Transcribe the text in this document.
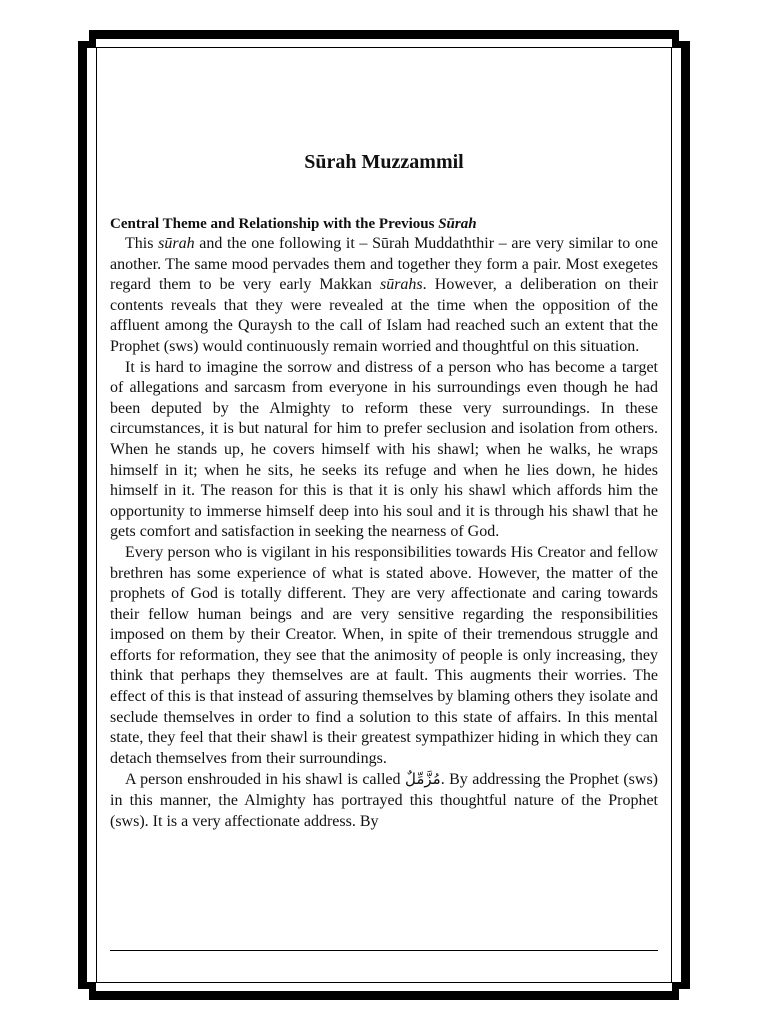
Sūrah Muzzammil

Central Theme and Relationship with the Previous Sūrah

This sūrah and the one following it – Sūrah Muddaththir – are very similar to one another. The same mood pervades them and together they form a pair. Most exegetes regard them to be very early Makkan sūrahs. However, a deliberation on their contents reveals that they were revealed at the time when the opposition of the affluent among the Quraysh to the call of Islam had reached such an extent that the Prophet (sws) would continuously remain worried and thoughtful on this situation.

It is hard to imagine the sorrow and distress of a person who has become a target of allegations and sarcasm from everyone in his surroundings even though he had been deputed by the Almighty to reform these very surroundings. In these circumstances, it is but natural for him to prefer seclusion and isolation from others. When he stands up, he covers himself with his shawl; when he walks, he wraps himself in it; when he sits, he seeks its refuge and when he lies down, he hides himself in it. The reason for this is that it is only his shawl which affords him the opportunity to immerse himself deep into his soul and it is through his shawl that he gets comfort and satisfaction in seeking the nearness of God.

Every person who is vigilant in his responsibilities towards His Creator and fellow brethren has some experience of what is stated above. However, the matter of the prophets of God is totally different. They are very affectionate and caring towards their fellow human beings and are very sensitive regarding the responsibilities imposed on them by their Creator. When, in spite of their tremendous struggle and efforts for reformation, they see that the animosity of people is only increasing, they think that perhaps they themselves are at fault. This augments their worries. The effect of this is that instead of assuring themselves by blaming others they isolate and seclude themselves in order to find a solution to this state of affairs. In this mental state, they feel that their shawl is their greatest sympathizer hiding in which they can detach themselves from their surroundings.

A person enshrouded in his shawl is called مُزَّمِّلٌ. By addressing the Prophet (sws) in this manner, the Almighty has portrayed this thoughtful nature of the Prophet (sws). It is a very affectionate address. By
